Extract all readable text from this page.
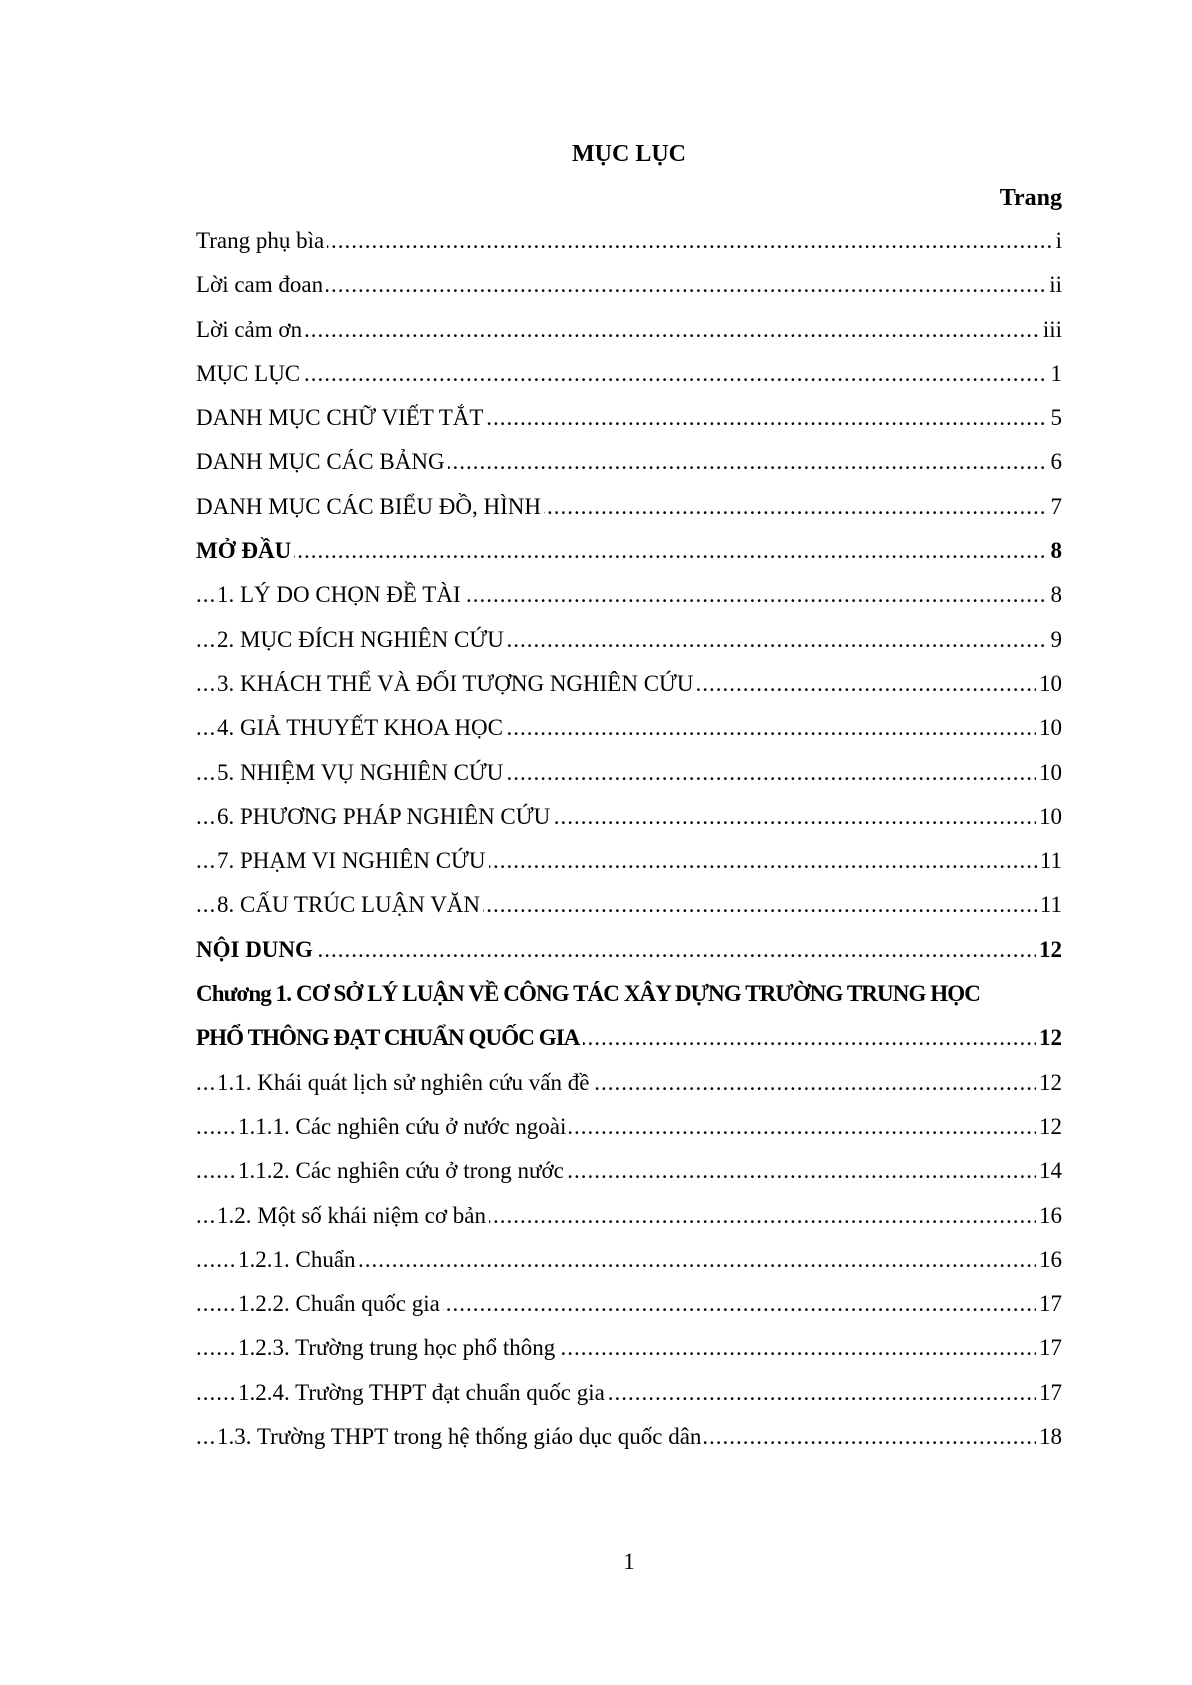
MỤC LỤC
Trang
.....
Trang phụ bìa	i
.....
Lời cam đoan	ii
.....
Lời cảm ơn	iii
.....
MỤC LỤC	1
.....
DANH MỤC CHỮ VIẾT TẮT	5
.....
DANH MỤC CÁC BẢNG	6
.....
DANH MỤC CÁC BIỂU ĐỒ, HÌNH	7
.....
MỞ ĐẦU	8
.....
1. LÝ DO CHỌN ĐỀ TÀI	8
.....
2. MỤC ĐÍCH NGHIÊN CỨU	9
.....
3. KHÁCH THỂ VÀ ĐỐI TƯỢNG NGHIÊN CỨU	10
.....
4. GIẢ THUYẾT KHOA HỌC	10
.....
5. NHIỆM VỤ NGHIÊN CỨU	10
.....
6. PHƯƠNG PHÁP NGHIÊN CỨU	10
.....
7. PHẠM VI NGHIÊN CỨU	11
.....
8. CẤU TRÚC LUẬN VĂN	11
.....
NỘI DUNG	12
Chương 1. CƠ SỞ LÝ LUẬN VỀ CÔNG TÁC XÂY DỰNG TRƯỜNG TRUNG HỌC
.....
PHỔ THÔNG ĐẠT CHUẨN QUỐC GIA	12
.....
1.1. Khái quát lịch sử nghiên cứu vấn đề	12
.....
1.1.1. Các nghiên cứu ở nước ngoài	12
.....
1.1.2. Các nghiên cứu ở trong nước	14
.....
1.2. Một số khái niệm cơ bản	16
.....
1.2.1. Chuẩn	16
.....
1.2.2. Chuẩn quốc gia	17
.....
1.2.3. Trường trung học phổ thông	17
.....
1.2.4. Trường THPT đạt chuẩn quốc gia	17
.....
1.3. Trường THPT trong hệ thống giáo dục quốc dân	18
1
